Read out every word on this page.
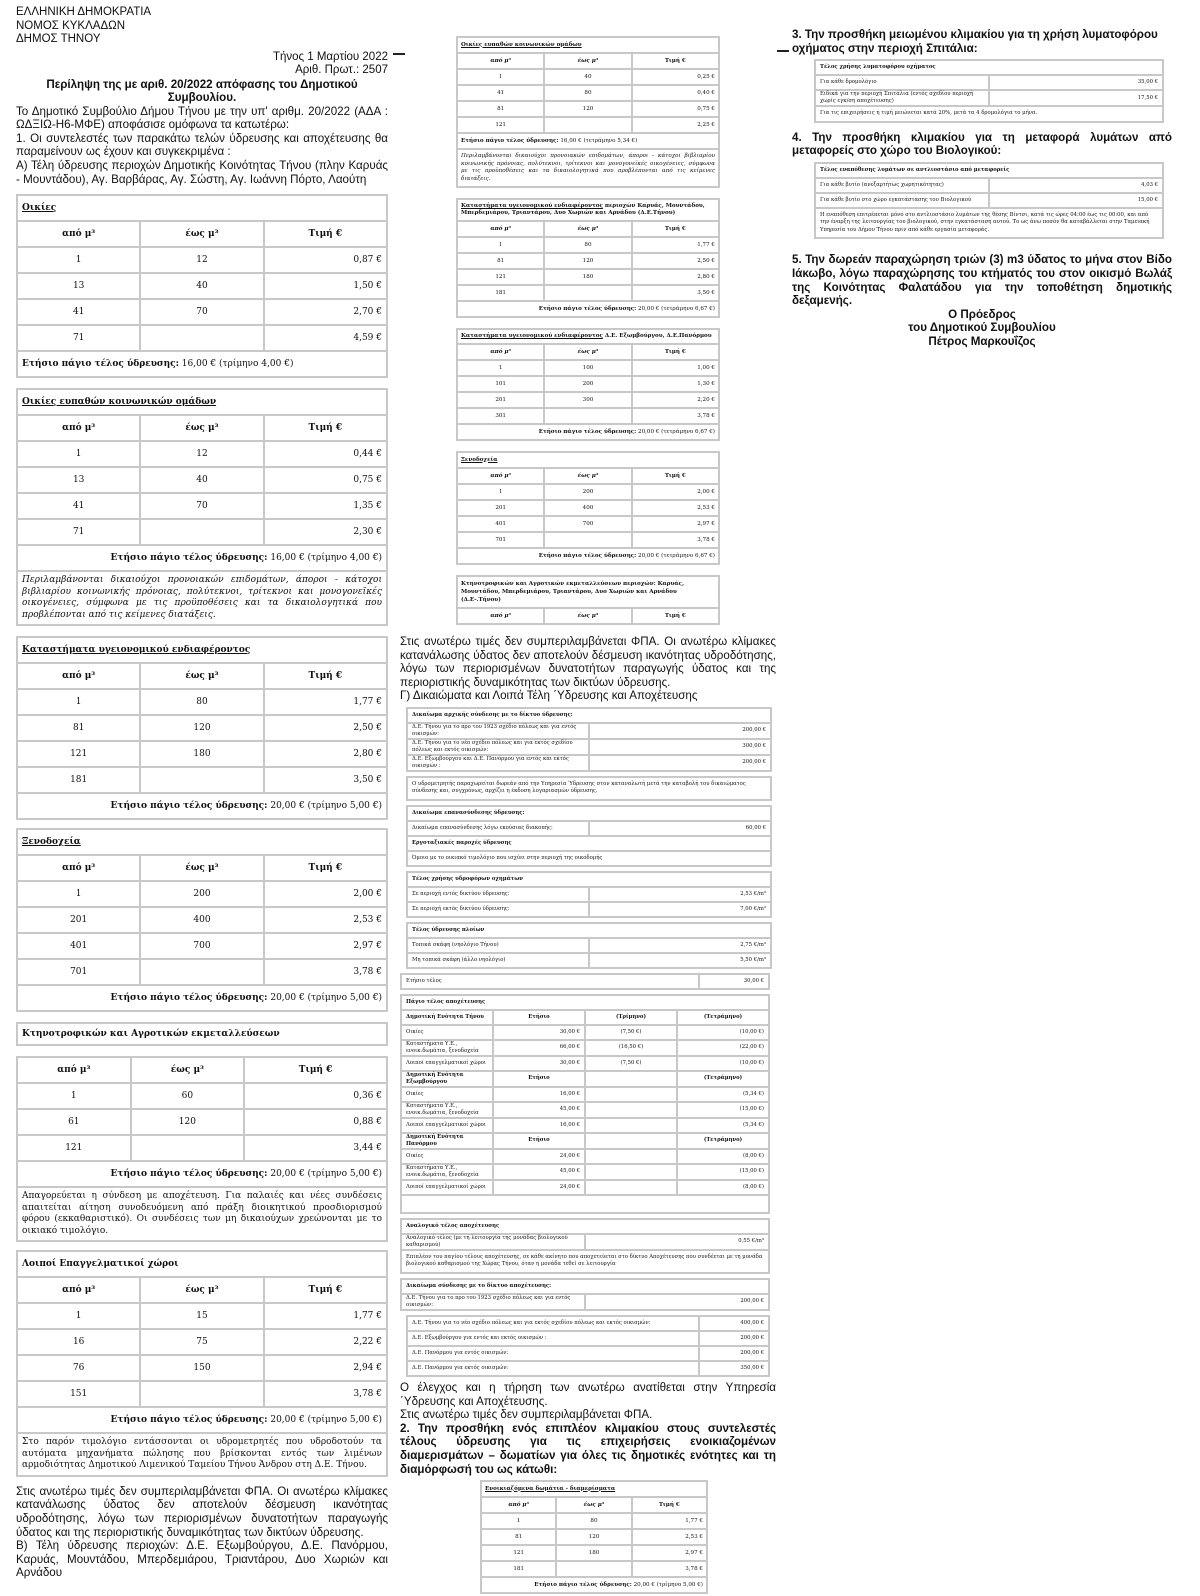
ΕΛΛΗΝΙΚΗ ΔΗΜΟΚΡΑΤΙΑ
ΝΟΜΟΣ ΚΥΚΛΑΔΩΝ
ΔΗΜΟΣ ΤΗΝΟΥ
Τήνος 1 Μαρτίου 2022
Αριθ. Πρωτ.: 2507

Περίληψη της με αριθ. 20/2022 απόφασης του Δημοτικού Συμβουλίου.

Το Δημοτικό Συμβούλιο Δήμου Τήνου με την υπ' αριθμ. 20/2022 (ΑΔΑ : ΩΔΞΙΩ-Η6-ΜΦΕ) αποφάσισε ομόφωνα τα κατωτέρω:

1. Οι συντελεστές των παρακάτω τελών ύδρευσης και αποχέτευσης θα παραμείνουν ως έχουν και συγκεκριμένα :

Α) Τέλη ύδρευσης περιοχών Δημοτικής Κοινότητας Τήνου (πλην Καρυάς - Μουντάδου), Αγ. Βαρβάρας, Αγ. Σώστη, Αγ. Ιωάννη Πόρτο, Λαούτη

Οικίες		
από μ³	έως μ³	Τιμή €
1	12	0,87 €
13	40	1,50 €
41	70	2,70 €
71		4,59 €
Ετήσιο πάγιο τέλος ύδρευσης: 16,00 € (τρίμηνο 4,00 €)		
Οικίες ευπαθών κοινωνικών ομάδων		
από μ³	έως μ³	Τιμή €
1	12	0,44 €
13	40	0,75 €
41	70	1,35 €
71		2,30 €
Ετήσιο πάγιο τέλος ύδρευσης: 16,00 € (τρίμηνο 4,00 €)		
Περιλαμβάνονται δικαιούχοι προνοιακών επιδομάτων, άποροι - κάτοχοι βιβλιαρίου κοινωνικής πρόνοιας, πολύτεκνοι, τρίτεκνοι και μονογονεϊκές οικογένειες, σύμφωνα με τις προϋποθέσεις και τα δικαιολογητικά που προβλέπονται από τις κείμενες διατάξεις.		
Καταστήματα υγειονομικού ενδιαφέροντος		
από μ³	έως μ³	Τιμή €
1	80	1,77 €
81	120	2,50 €
121	180	2,80 €
181		3,50 €
Ετήσιο πάγιο τέλος ύδρευσης: 20,00 € (τρίμηνο 5,00 €)		
Ξενοδοχεία		
από μ³	έως μ³	Τιμή €
1	200	2,00 €
201	400	2,53 €
401	700	2,97 €
701		3,78 €
Ετήσιο πάγιο τέλος ύδρευσης: 20,00 € (τρίμηνο 5,00 €)		
Κτηνοτροφικών και Αγροτικών εκμεταλλεύσεων
από μ³	έως μ³	Τιμή €
1	60	0,36 €
61	120	0,88 €
121		3,44 €
Ετήσιο πάγιο τέλος ύδρευσης: 20,00 € (τρίμηνο 5,00 €)		
Απαγορεύεται η σύνδεση με αποχέτευση. Για παλαιές και νέες συνδέσεις απαιτείται αίτηση συνοδευόμενη από πράξη διοικητικού προσδιορισμού φόρου (εκκαθαριστικό). Οι συνδέσεις των μη δικαιούχων χρεώνονται με το οικιακό τιμολόγιο.		
Λοιποί Επαγγελματικοί χώροι		
από μ³	έως μ³	Τιμή €
1	15	1,77 €
16	75	2,22 €
76	150	2,94 €
151		3,78 €
Ετήσιο πάγιο τέλος ύδρευσης: 20,00 € (τρίμηνο 5,00 €)		
Στο παρόν τιμολόγιο εντάσσονται οι υδρομετρητές που υδροδοτούν τα αυτόματα μηχανήματα πώλησης που βρίσκονται εντός των λιμένων αρμοδιότητας Δημοτικού Λιμενικού Ταμείου Τήνου Άνδρου στη Δ.Ε. Τήνου.		

Στις ανωτέρω τιμές δεν συμπεριλαμβάνεται ΦΠΑ. Οι ανωτέρω κλίμακες κατανάλωσης ύδατος δεν αποτελούν δέσμευση ικανότητας υδροδότησης, λόγω των περιορισμένων δυνατοτήτων παραγωγής ύδατος και της περιοριστικής δυναμικότητας των δικτύων ύδρευσης.

Β) Τέλη ύδρευσης περιοχών: Δ.Ε. Εξωμβούργου, Δ.Ε. Πανόρμου, Καρυάς, Μουντάδου, Μπερδεμιάρου, Τριαντάρου, Δυο Χωριών και Αρνάδου

Οικίες ευπαθών κοινωνικών ομάδων		
από μ³	έως μ³	Τιμή €
1	40	0,25 €
41	80	0,40 €
81	120	0,75 €
121		2,25 €
Ετήσιο πάγιο τέλος ύδρευσης: 16,00 € (τετράμηνο 5,34 €)		
Περιλαμβάνονται δικαιούχοι προνοιακών επιδομάτων, άποροι - κάτοχοι βιβλιαρίου κοινωνικής πρόνοιας, πολύτεκνοι, τρίτεκνοι και μονογονεϊκές οικογένειες, σύμφωνα με τις προϋποθέσεις και τα δικαιολογητικά που προβλέπονται από τις κείμενες διατάξεις.		
Καταστήματα υγειονομικού ενδιαφέροντος περιοχών Καρυάς, Μουντάδου, Μπερδεμιάρου, Τριαντάρου, Δυο Χωριών και Αρνάδου (Δ.Ε.Τήνου)		
από μ³	έως μ³	Τιμή €
1	80	1,77 €
81	120	2,50 €
121	180	2,80 €
181		3,50 €
Ετήσιο πάγιο τέλος ύδρευσης: 20,00 € (τετράμηνο 6,67 €)		
Καταστήματα υγειονομικού ενδιαφέροντος Δ.Ε. Εξωμβούργου, Δ.Ε.Πανόρμου		
από μ³	έως μ³	Τιμή €
1	100	1,00 €
101	200	1,30 €
201	300	2,20 €
301		3,78 €
Ετήσιο πάγιο τέλος ύδρευσης: 20,00 € (τετράμηνο 6,67 €)		
Ξενοδοχεία		
από μ³	έως μ³	Τιμή €
1	200	2,00 €
201	400	2,53 €
401	700	2,97 €
701		3,78 €
Ετήσιο πάγιο τέλος ύδρευσης: 20,00 € (τετράμηνο 6,67 €)		
Κτηνοτροφικών και Αγροτικών εκμεταλλεύσεων περιοχών: Καρυάς, Μουντάδου, Μπερδεμιάρου, Τριαντάρου, Δυο Χωριών και Αρνάδου (Δ.Ε-.Τήνου)
από μ³	έως μ³	Τιμή €

Στις ανωτέρω τιμές δεν συμπεριλαμβάνεται ΦΠΑ. Οι ανωτέρω κλίμακες κατανάλωσης ύδατος δεν αποτελούν δέσμευση ικανότητας υδροδότησης, λόγω των περιορισμένων δυνατοτήτων παραγωγής ύδατος και της περιοριστικής δυναμικότητας των δικτύων ύδρευσης.

Γ) Δικαιώματα και Λοιπά Τέλη ΄Υδρευσης και Αποχέτευσης

Δικαίωμα αρχικής σύνδεσης με το δίκτυο ύδρευσης:	
Δ.Ε. Τήνου για το προ του 1923 σχέδιο πόλεως και για εντός οικισμών:	200,00 €
Δ.Ε. Τήνου για το νέο σχέδιο πόλεως και για εκτός σχεδίου πόλεως και εκτός οικισμών:	300,00 €
Δ.Ε. Εξωμβούργου και Δ.Ε. Πανόρμου για εντός και εκτός οικισμών :	200,00 €
Ο υδρομετρητής παραχωρείται δωρεάν από την Υπηρεσία Ύδρευσης στον καταναλωτή μετά την καταβολή του δικαιώματος σύνδεσης και, συγχρόνως, αρχίζει η έκδοση λογαριασμών ύδρευσης.
Δικαίωμα επανασύνδεσης ύδρευσης:
Δικαίωμα επανασύνδεσης λόγω εκούσιας διακοπής:	60,00 €
Εργοταξιακές παροχές ύδρευσης
Όμοιο με το οικιακό τιμολόγιο που ισχύει στην περιοχή της οικοδομής
Τέλος χρήσης υδροφόρων οχημάτων	
Σε περιοχή εντός δικτύου ύδρευσης:	2,53 €/m³
Σε περιοχή εκτός δικτύου ύδρευσης:	7,00 €/m³
Τέλος ύδρευσης πλοίων	
Τοπικά σκάφη (νηολόγιο Τήνου)	2,75 €/m³
Μη τοπικά σκάφη (άλλο νηολόγιο)	5,50 €/m³
Ετήσιο τέλος	30,00 €
Πάγιο τέλος αποχέτευσης			
Δημοτική Ενότητα Τήνου	Ετήσιο	(Τρίμηνο)	(Τετράμηνο)
Οικίες	30,00 €	(7,50 €)	(10,00 €)
Καταστήματα Υ.Ε., ενοικ.δωμάτια, ξενοδοχεία	66,00 €	(16,50 €)	(22,00 €)
Λοιποί επαγγελματικοί χώροι	30,00 €	(7,50 €)	(10,00 €)
Δημοτική Ενότητα Εξωμβούργου	Ετήσιο		(Τετράμηνο)
Οικίες	16,00 €		(5,34 €)
Καταστήματα Υ.Ε., ενοικ.δωμάτια, ξενοδοχεία	45,00 €		(15,00 €)
Λοιποί επαγγελματικοί χώροι	16,00 €		(5,34 €)
Δημοτική Ενότητα Πανόρμου	Ετήσιο		(Τετράμηνο)
Οικίες	24,00 €		(8,00 €)
Καταστήματα Υ.Ε., ενοικ.δωμάτια, ξενοδοχεία	45,00 €		(15,00 €)
Λοιποί επαγγελματικοί χώροι	24,00 €		(8,00 €)

Αναλογικό τέλος αποχέτευσης
Αναλογικό τέλος (με τη λειτουργία της μονάδας βιολογικού καθαρισμού)	0,55 €/m³
Επιπλέον του παγίου τέλους αποχέτευσης, σε κάθε ακίνητο που αποχετεύεται στο δίκτυο Αποχέτευσης που συνδέεται με τη μονάδα βιολογικού καθαρισμού της Χώρας Τήνου, όταν η μονάδα τεθεί σε λειτουργία
Δικαίωμα σύνδεσης με το δίκτυο αποχέτευσης:
Δ.Ε. Τήνου για το προ του 1923 σχέδιο πόλεως και για εντός οικισμών:	200,00 €
Δ.Ε. Τήνου για το νέο σχέδιο πόλεως και για εκτός σχεδίου πόλεως και εκτός οικισμών:	400,00 €
Δ.Ε. Εξωμβούργου για εντός και εκτός οικισμών :	200,00 €
Δ.Ε. Πανόρμου για εντός οικισμών:	200,00 €
Δ.Ε. Πανόρμου για εκτός οικισμών:	350,00 €

Ο έλεγχος και η τήρηση των ανωτέρω ανατίθεται στην Υπηρεσία ΄Υδρευσης και Αποχέτευσης.

Στις ανωτέρω τιμές δεν συμπεριλαμβάνεται ΦΠΑ.

2. Την προσθήκη ενός επιπλέον κλιμακίου στους συντελεστές τέλους ύδρευσης για τις επιχειρήσεις ενοικιαζομένων διαμερισμάτων – δωματίων για όλες τις δημοτικές ενότητες και τη διαμόρφωσή του ως κάτωθι:

Ενοικιαζόμενα δωμάτια - διαμερίσματα		
από μ³	έως μ³	Τιμή €
1	80	1,77 €
81	120	2,53 €
121	180	2,97 €
181		3,78 €
Ετήσιο πάγιο τέλος ύδρευσης: 20,00 € (τρίμηνο 5,00 €)		

3. Την προσθήκη μειωμένου κλιμακίου για τη χρήση λυματοφόρου οχήματος στην περιοχή Σπιτάλια:

Τέλος χρήσης λυματοφόρου οχήματος	
Για κάθε δρομολόγιο	35,00 €
Ειδικά για την περιοχή Σπιτάλια (εντός σχεδίου περιοχή χωρίς εγκ/ση αποχέτευσης)	17,50 €
Για τις επιχειρήσεις η τιμή μειώνεται κατά 20%, μετά τα 4 δρομολόγια το μήνα.	

4. Την προσθήκη κλιμακίου για τη μεταφορά λυμάτων από μεταφορείς στο χώρο του Βιολογικού:

Τέλος εναπόθεσης λυμάτων σε αντλιοστάσιο από μεταφορείς	
Για κάθε βυτίο (ανεξαρτήτως χωρητικότητας)	4,03 €
Για κάθε βυτίο στο χώρο εγκατάστασης του Βιολογικού	15,00 €
Η εναπόθεση επιτρέπεται μόνο στο αντλιοστάσιο λυμάτων της θέσης Βίντσι, κατά τις ώρες 04:00 έως τις 00:00, και από την έναρξη της λειτουργίας του βιολογικού, στην εγκατάσταση αυτού. Το ως άνω ποσόν θα καταβάλλεται στην Ταμειακή Υπηρεσία του Δήμου Τήνου πριν από κάθε εργασία μεταφοράς.	

5. Την δωρεάν παραχώρηση τριών (3) m3 ύδατος το μήνα στον Βίδο Ιάκωβο, λόγω παραχώρησης του κτήματός του στον οικισμό Βωλάξ της Κοινότητας Φαλατάδου για την τοποθέτηση δημοτικής δεξαμενής.

Ο Πρόεδρος
του Δημοτικού Συμβουλίου
Πέτρος Μαρκουΐζος
